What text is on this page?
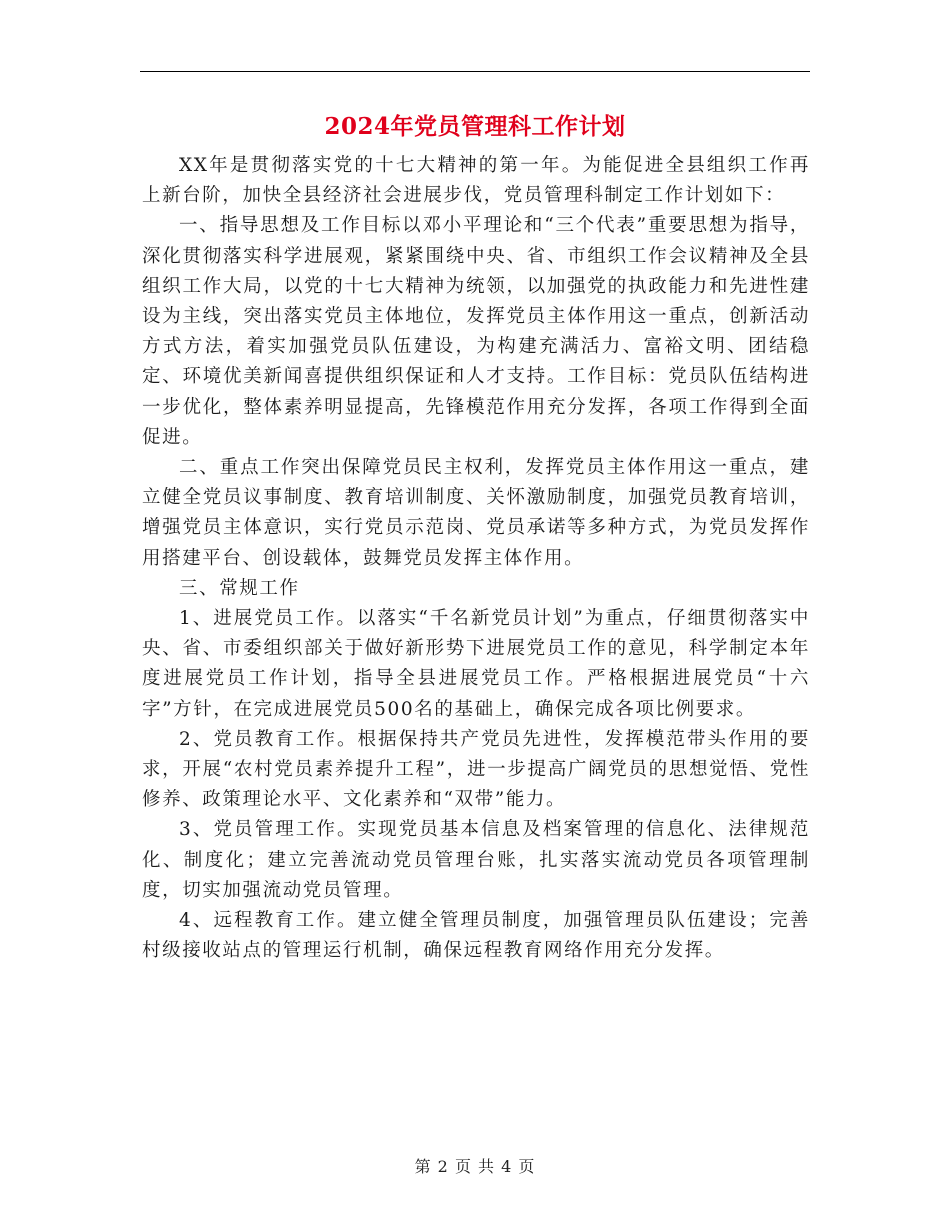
2024年党员管理科工作计划

XX年是贯彻落实党的十七大精神的第一年。为能促进全县组织工作再上新台阶，加快全县经济社会进展步伐，党员管理科制定工作计划如下：

一、指导思想及工作目标以邓小平理论和“三个代表”重要思想为指导，深化贯彻落实科学进展观，紧紧围绕中央、省、市组织工作会议精神及全县组织工作大局，以党的十七大精神为统领，以加强党的执政能力和先进性建设为主线，突出落实党员主体地位，发挥党员主体作用这一重点，创新活动方式方法，着实加强党员队伍建设，为构建充满活力、富裕文明、团结稳定、环境优美新闻喜提供组织保证和人才支持。工作目标：党员队伍结构进一步优化，整体素养明显提高，先锋模范作用充分发挥，各项工作得到全面促进。

二、重点工作突出保障党员民主权利，发挥党员主体作用这一重点，建立健全党员议事制度、教育培训制度、关怀激励制度，加强党员教育培训，增强党员主体意识，实行党员示范岗、党员承诺等多种方式，为党员发挥作用搭建平台、创设载体，鼓舞党员发挥主体作用。

三、常规工作

1、进展党员工作。以落实“千名新党员计划”为重点，仔细贯彻落实中央、省、市委组织部关于做好新形势下进展党员工作的意见，科学制定本年度进展党员工作计划，指导全县进展党员工作。严格根据进展党员“十六字”方针，在完成进展党员500名的基础上，确保完成各项比例要求。

2、党员教育工作。根据保持共产党员先进性，发挥模范带头作用的要求，开展“农村党员素养提升工程”，进一步提高广阔党员的思想觉悟、党性修养、政策理论水平、文化素养和“双带”能力。

3、党员管理工作。实现党员基本信息及档案管理的信息化、法律规范化、制度化；建立完善流动党员管理台账，扎实落实流动党员各项管理制度，切实加强流动党员管理。

4、远程教育工作。建立健全管理员制度，加强管理员队伍建设；完善村级接收站点的管理运行机制，确保远程教育网络作用充分发挥。

第 2 页 共 4 页
